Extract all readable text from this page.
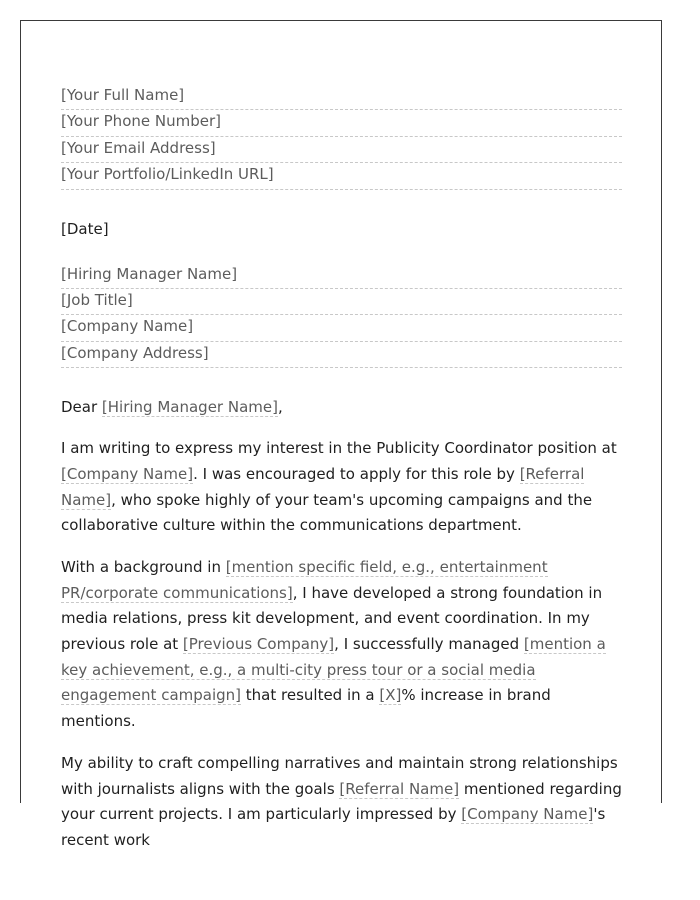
[Your Full Name]
[Your Phone Number]
[Your Email Address]
[Your Portfolio/LinkedIn URL]
[Date]
[Hiring Manager Name]
[Job Title]
[Company Name]
[Company Address]
Dear [Hiring Manager Name],

I am writing to express my interest in the Publicity Coordinator position at [Company Name]. I was encouraged to apply for this role by [Referral Name], who spoke highly of your team's upcoming campaigns and the collaborative culture within the communications department.

With a background in [mention specific field, e.g., entertainment PR/corporate communications], I have developed a strong foundation in media relations, press kit development, and event coordination. In my previous role at [Previous Company], I successfully managed [mention a key achievement, e.g., a multi-city press tour or a social media engagement campaign] that resulted in a [X]% increase in brand mentions.

My ability to craft compelling narratives and maintain strong relationships with journalists aligns with the goals [Referral Name] mentioned regarding your current projects. I am particularly impressed by [Company Name]'s recent work
